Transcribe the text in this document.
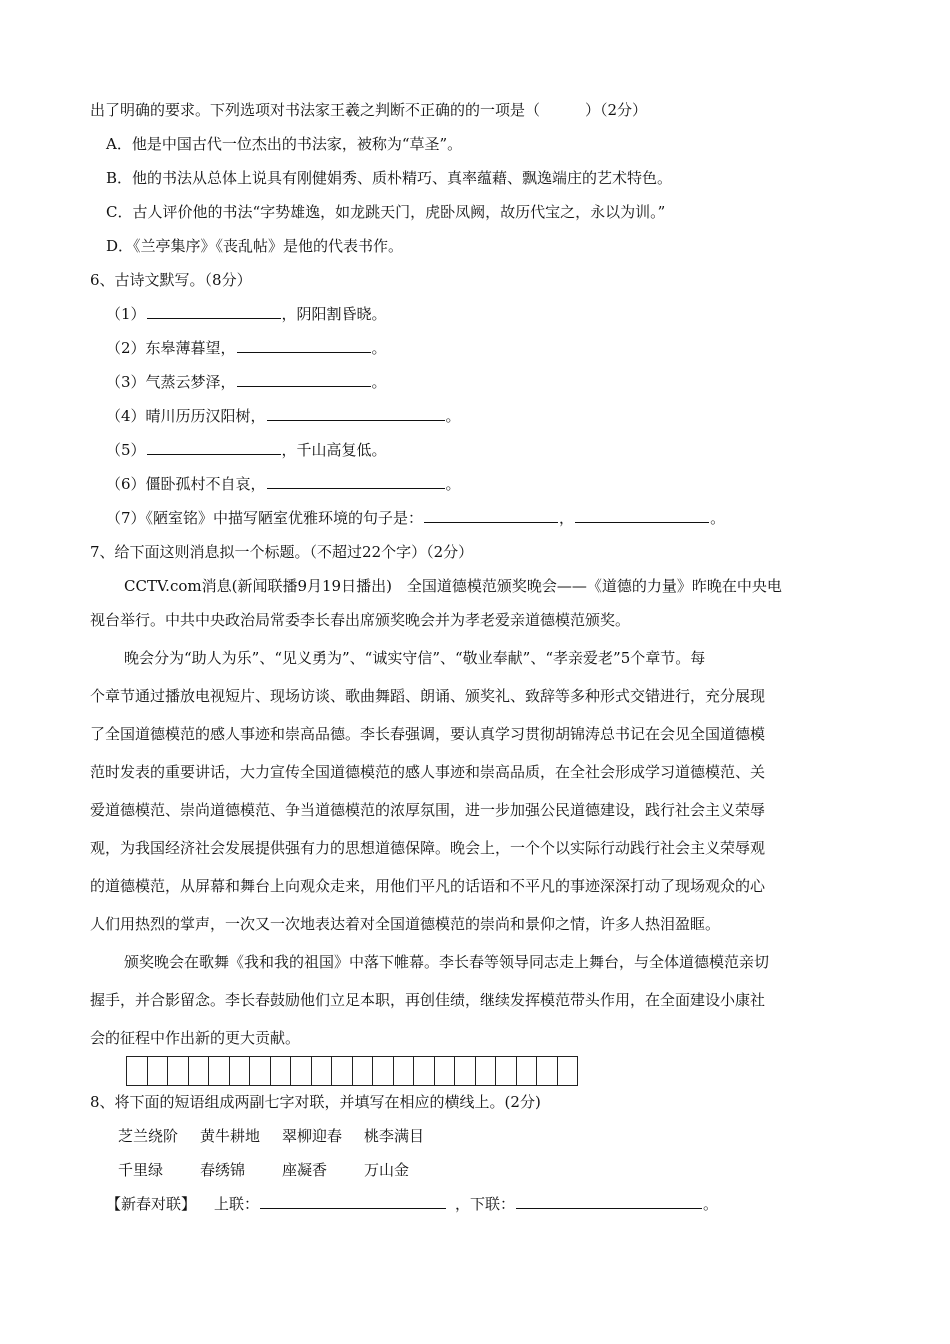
出了明确的要求。下列选项对书法家王羲之判断不正确的的一项是（　　　）（2分）
A．他是中国古代一位杰出的书法家，被称为“草圣”。
B．他的书法从总体上说具有刚健娟秀、质朴精巧、真率蕴藉、飘逸端庄的艺术特色。
C．古人评价他的书法“字势雄逸，如龙跳天门，虎卧凤阙，故历代宝之，永以为训。”
D．《兰亭集序》《丧乱帖》是他的代表书作。
6、古诗文默写。（8分）
（1）	，阴阳割昏晓。
（2）东皋薄暮望，	。
（3）气蒸云梦泽，	。
（4）晴川历历汉阳树，	。
（5）	，千山高复低。
（6）僵卧孤村不自哀，	。
（7）《陋室铭》中描写陋室优雅环境的句子是：	，	。
7、给下面这则消息拟一个标题。（不超过22个字）（2分）
CCTV.com消息(新闻联播9月19日播出)　全国道德模范颁奖晚会——《道德的力量》昨晚在中央电
视台举行。中共中央政治局常委李长春出席颁奖晚会并为孝老爱亲道德模范颁奖。
晚会分为“助人为乐”、“见义勇为”、“诚实守信”、“敬业奉献”、“孝亲爱老”5个章节。每
个章节通过播放电视短片、现场访谈、歌曲舞蹈、朗诵、颁奖礼、致辞等多种形式交错进行，充分展现
了全国道德模范的感人事迹和崇高品德。李长春强调，要认真学习贯彻胡锦涛总书记在会见全国道德模
范时发表的重要讲话，大力宣传全国道德模范的感人事迹和崇高品质，在全社会形成学习道德模范、关
爱道德模范、崇尚道德模范、争当道德模范的浓厚氛围，进一步加强公民道德建设，践行社会主义荣辱
观，为我国经济社会发展提供强有力的思想道德保障。晚会上，一个个以实际行动践行社会主义荣辱观
的道德模范，从屏幕和舞台上向观众走来，用他们平凡的话语和不平凡的事迹深深打动了现场观众的心
人们用热烈的掌声，一次又一次地表达着对全国道德模范的崇尚和景仰之情，许多人热泪盈眶。
颁奖晚会在歌舞《我和我的祖国》中落下帷幕。李长春等领导同志走上舞台，与全体道德模范亲切
握手，并合影留念。李长春鼓励他们立足本职，再创佳绩，继续发挥模范带头作用，在全面建设小康社
会的征程中作出新的更大贡献。

8、将下面的短语组成两副七字对联，并填写在相应的横线上。(2分)
芝兰绕阶 黄牛耕地 翠柳迎春 桃李满目
千里绿 春绣锦 座凝香 万山金
【新春对联】 上联：	，下联：	。
